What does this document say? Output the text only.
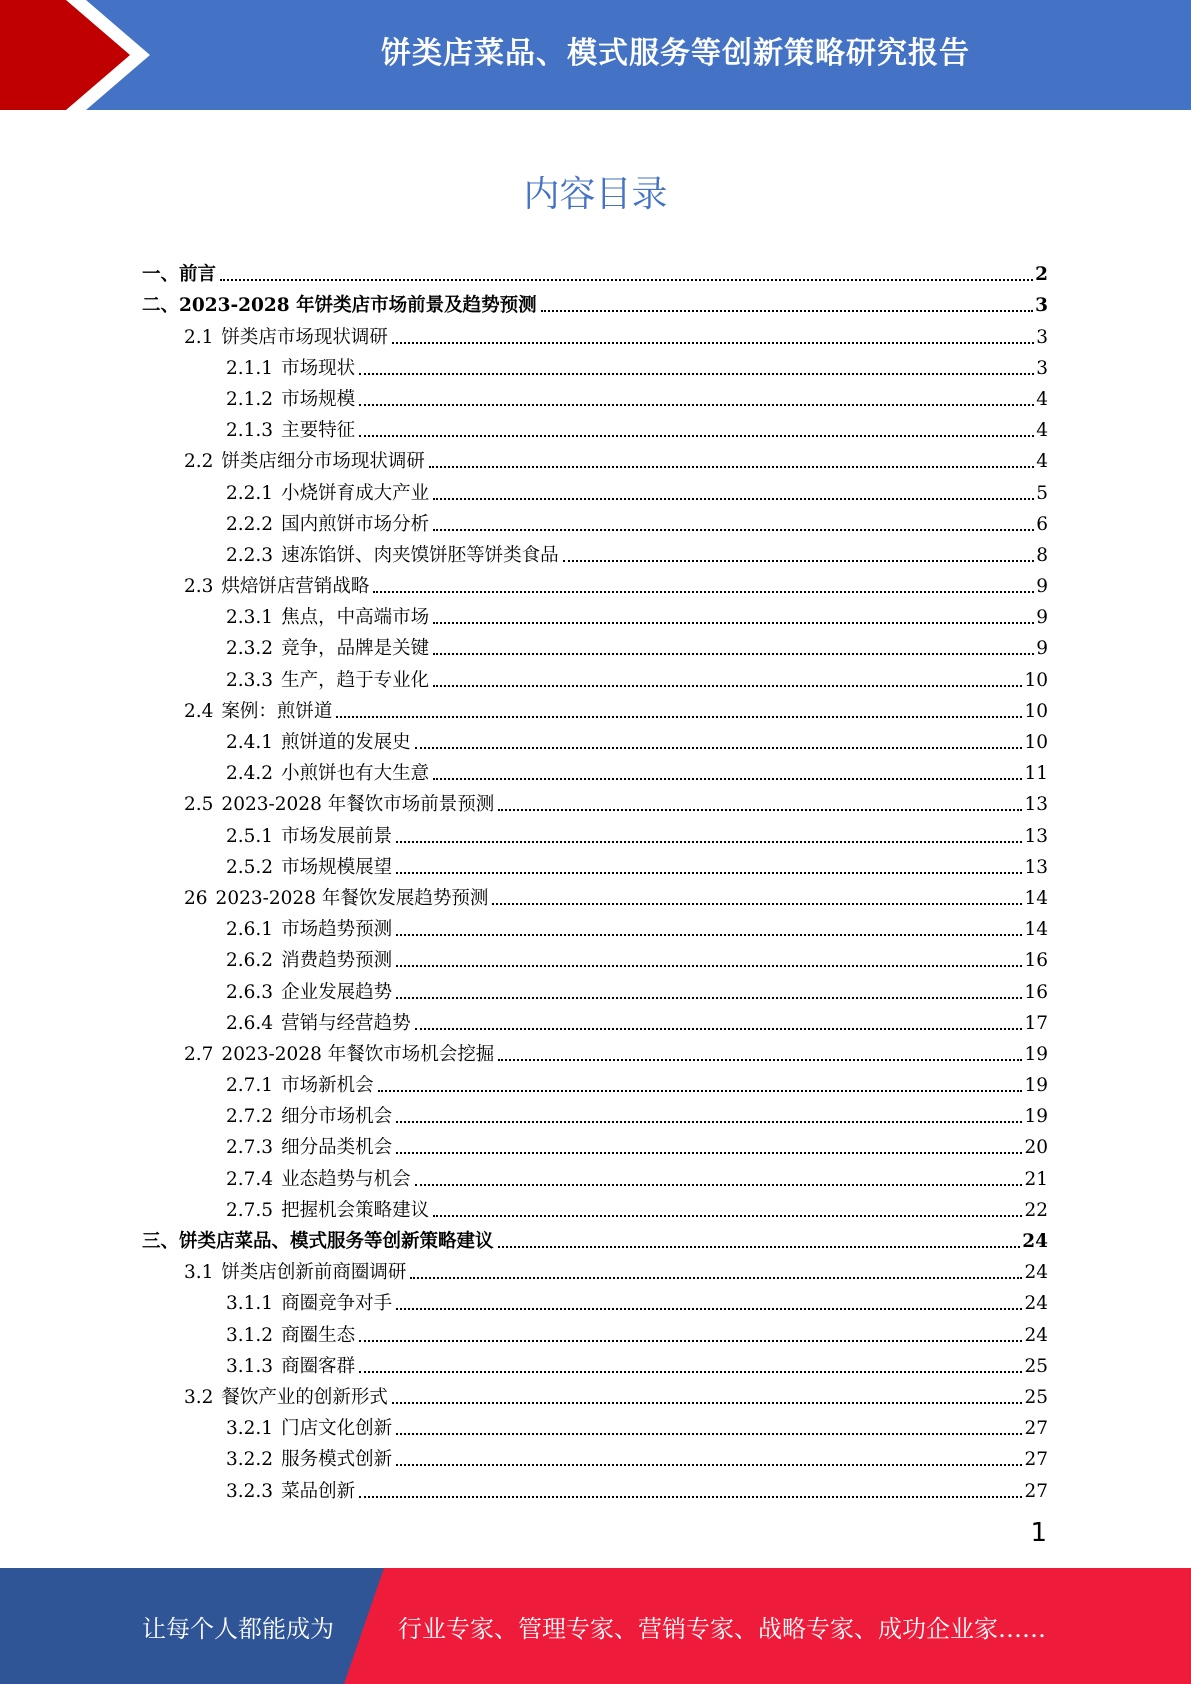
饼类店菜品、模式服务等创新策略研究报告
内容目录
一、 前言	2
二、 2023-2028 年饼类店市场前景及趋势预测	3
2.1 饼类店市场现状调研	3
2.1.1 市场现状	3
2.1.2 市场规模	4
2.1.3 主要特征	4
2.2 饼类店细分市场现状调研	4
2.2.1 小烧饼育成大产业	5
2.2.2 国内煎饼市场分析	6
2.2.3 速冻馅饼、肉夹馍饼胚等饼类食品	8
2.3 烘焙饼店营销战略	9
2.3.1 焦点，中高端市场	9
2.3.2 竞争，品牌是关键	9
2.3.3 生产，趋于专业化	10
2.4 案例：煎饼道	10
2.4.1 煎饼道的发展史	10
2.4.2 小煎饼也有大生意	11
2.5 2023-2028 年餐饮市场前景预测	13
2.5.1 市场发展前景	13
2.5.2 市场规模展望	13
26 2023-2028 年餐饮发展趋势预测	14
2.6.1 市场趋势预测	14
2.6.2 消费趋势预测	16
2.6.3 企业发展趋势	16
2.6.4 营销与经营趋势	17
2.7 2023-2028 年餐饮市场机会挖掘	19
2.7.1 市场新机会	19
2.7.2 细分市场机会	19
2.7.3 细分品类机会	20
2.7.4 业态趋势与机会	21
2.7.5 把握机会策略建议	22
三、 饼类店菜品、模式服务等创新策略建议	24
3.1 饼类店创新前商圈调研	24
3.1.1 商圈竞争对手	24
3.1.2 商圈生态	24
3.1.3 商圈客群	25
3.2 餐饮产业的创新形式	25
3.2.1 门店文化创新	27
3.2.2 服务模式创新	27
3.2.3 菜品创新	27
1
让每个人都能成为	行业专家、管理专家、营销专家、战略专家、成功企业家……
